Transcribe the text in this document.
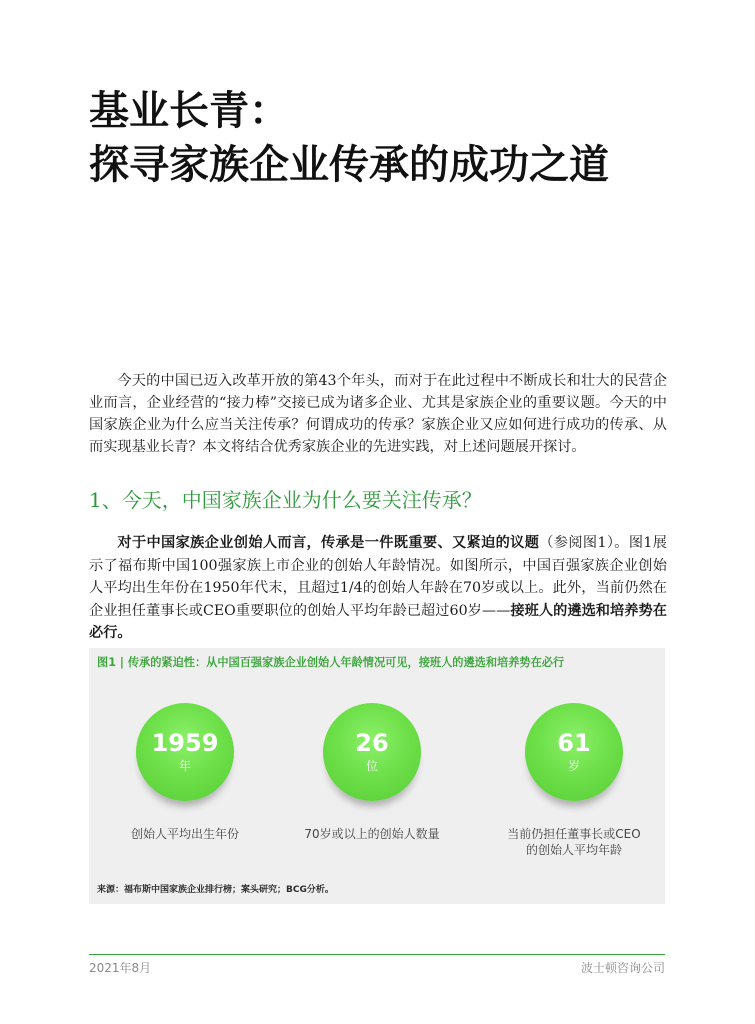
基业长青：
探寻家族企业传承的成功之道

今天的中国已迈入改革开放的第43个年头，而对于在此过程中不断成长和壮大的民营企业而言，企业经营的“接力棒”交接已成为诸多企业、尤其是家族企业的重要议题。今天的中国家族企业为什么应当关注传承？何谓成功的传承？家族企业又应如何进行成功的传承、从而实现基业长青？本文将结合优秀家族企业的先进实践，对上述问题展开探讨。

1、今天，中国家族企业为什么要关注传承？

对于中国家族企业创始人而言，传承是一件既重要、又紧迫的议题（参阅图1）。图1展示了福布斯中国100强家族上市企业的创始人年龄情况。如图所示，中国百强家族企业创始人平均出生年份在1950年代末，且超过1/4的创始人年龄在70岁或以上。此外，当前仍然在企业担任董事长或CEO重要职位的创始人平均年龄已超过60岁——接班人的遴选和培养势在必行。

图1 | 传承的紧迫性：从中国百强家族企业创始人年龄情况可见，接班人的遴选和培养势在必行
1959
年
创始人平均出生年份
26
位
70岁或以上的创始人数量
61
岁
当前仍担任董事长或CEO
的创始人平均年龄
来源：福布斯中国家族企业排行榜；案头研究；BCG分析。
2021年8月	波士顿咨询公司
